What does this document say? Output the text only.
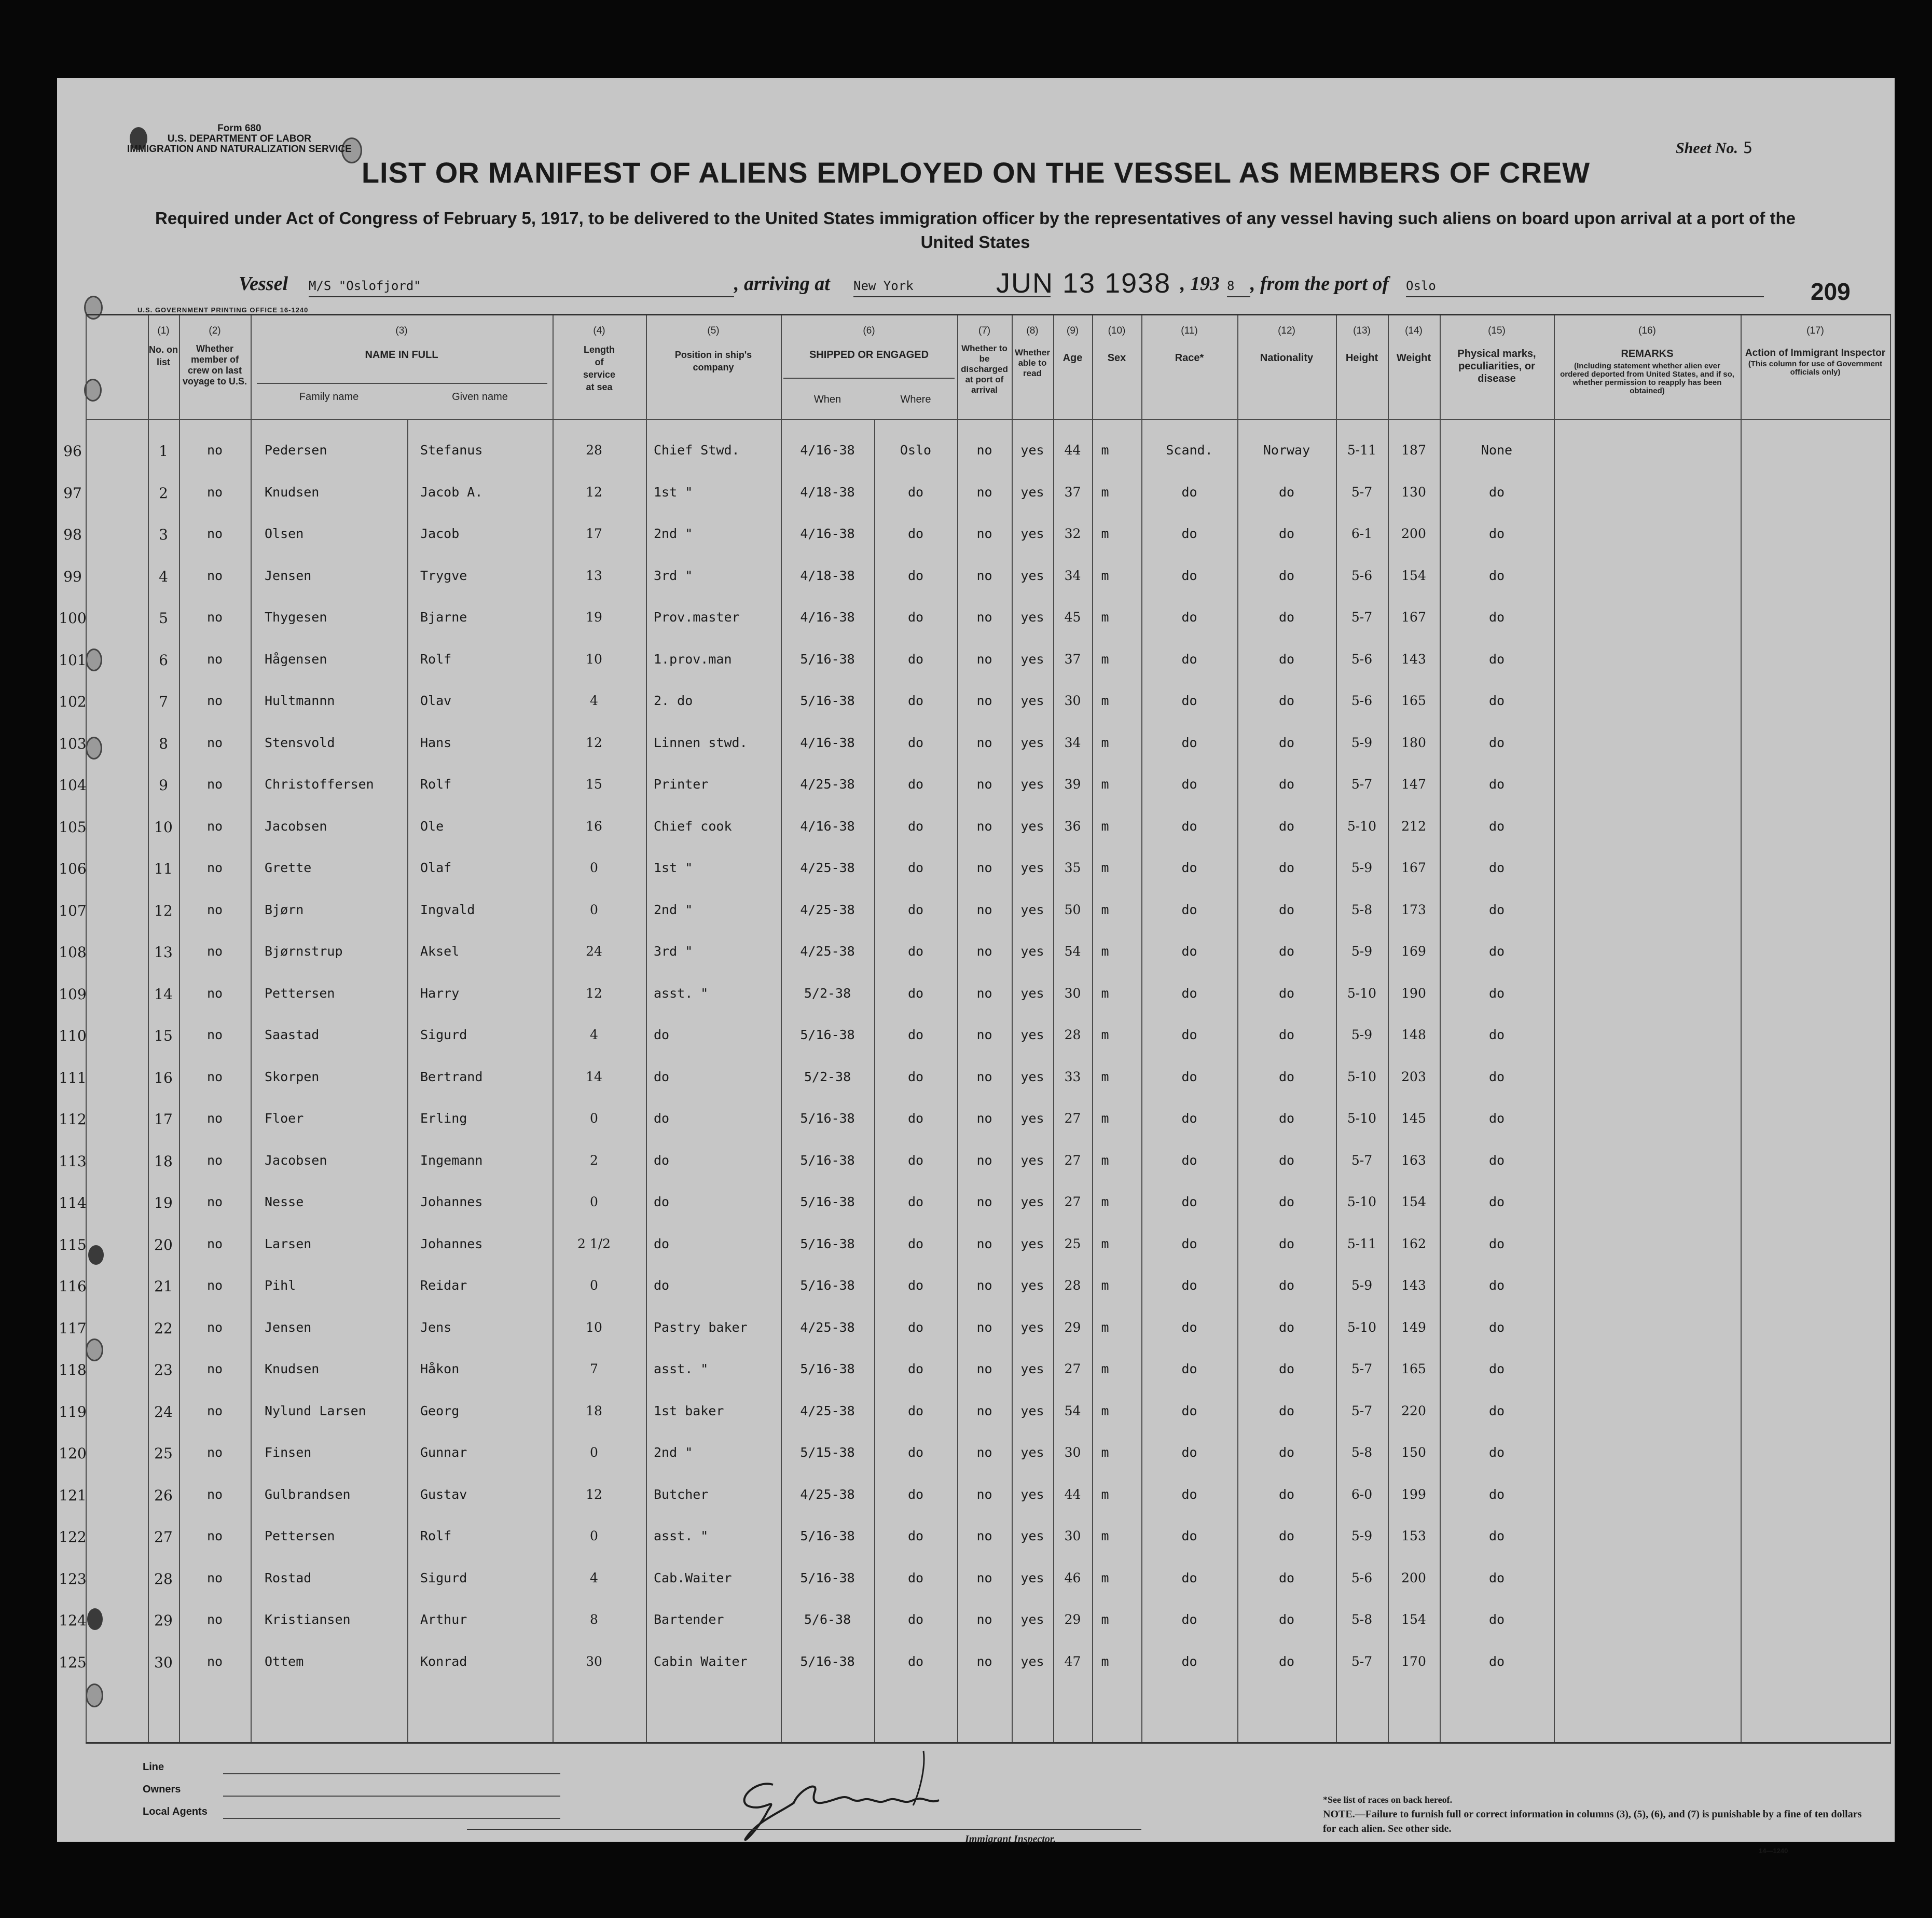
Form 680
U.S. DEPARTMENT OF LABOR
IMMIGRATION AND NATURALIZATION SERVICE	Sheet No. 5
LIST OR MANIFEST OF ALIENS EMPLOYED ON THE VESSEL AS MEMBERS OF CREW
Required under Act of Congress of February 5, 1917, to be delivered to the United States immigration officer by the representatives of any vessel having such aliens on board upon arrival at a port of the United States
Vessel M/S "Oslofjord"	, arriving at New York	JUN 13 1938 , 193 8 , from the port of Oslo	209
U.S. GOVERNMENT PRINTING OFFICE 16-1240
(1)
No. on list
(2)
Whether member of crew on last voyage to U.S.
(3)
NAME IN FULL
Family name	Given name
(4)
Length of service at sea
(5)
Position in ship's company
(6)
SHIPPED OR ENGAGED
When	Where
(7)
Whether to be discharged at port of arrival
(8)
Whether able to read
(9)
Age
(10)
Sex
(11)
Race*
(12)
Nationality
(13)
Height
(14)
Weight
(15)
Physical marks, peculiarities, or disease
(16)
REMARKS
(Including statement whether alien ever ordered deported from United States, and if so, whether permission to reapply has been obtained)
(17)
Action of Immigrant Inspector
(This column for use of Government officials only)
96	1	no	Pedersen	Stefanus	28	Chief Stwd.	4/16-38	Oslo	no	yes	44	m	Scand.	Norway	5-11	187	None
97	2	no	Knudsen	Jacob A.	12	1st "	4/18-38	do	no	yes	37	m	do	do	5-7	130	do
98	3	no	Olsen	Jacob	17	2nd "	4/16-38	do	no	yes	32	m	do	do	6-1	200	do
99	4	no	Jensen	Trygve	13	3rd "	4/18-38	do	no	yes	34	m	do	do	5-6	154	do
100	5	no	Thygesen	Bjarne	19	Prov.master	4/16-38	do	no	yes	45	m	do	do	5-7	167	do
101	6	no	Hågensen	Rolf	10	1.prov.man	5/16-38	do	no	yes	37	m	do	do	5-6	143	do
102	7	no	Hultmannn	Olav	4	2. do	5/16-38	do	no	yes	30	m	do	do	5-6	165	do
103	8	no	Stensvold	Hans	12	Linnen stwd.	4/16-38	do	no	yes	34	m	do	do	5-9	180	do
104	9	no	Christoffersen	Rolf	15	Printer	4/25-38	do	no	yes	39	m	do	do	5-7	147	do
105	10	no	Jacobsen	Ole	16	Chief cook	4/16-38	do	no	yes	36	m	do	do	5-10	212	do
106	11	no	Grette	Olaf	0	1st "	4/25-38	do	no	yes	35	m	do	do	5-9	167	do
107	12	no	Bjørn	Ingvald	0	2nd "	4/25-38	do	no	yes	50	m	do	do	5-8	173	do
108	13	no	Bjørnstrup	Aksel	24	3rd "	4/25-38	do	no	yes	54	m	do	do	5-9	169	do
109	14	no	Pettersen	Harry	12	asst. "	5/2-38	do	no	yes	30	m	do	do	5-10	190	do
110	15	no	Saastad	Sigurd	4	do	5/16-38	do	no	yes	28	m	do	do	5-9	148	do
111	16	no	Skorpen	Bertrand	14	do	5/2-38	do	no	yes	33	m	do	do	5-10	203	do
112	17	no	Floer	Erling	0	do	5/16-38	do	no	yes	27	m	do	do	5-10	145	do
113	18	no	Jacobsen	Ingemann	2	do	5/16-38	do	no	yes	27	m	do	do	5-7	163	do
114	19	no	Nesse	Johannes	0	do	5/16-38	do	no	yes	27	m	do	do	5-10	154	do
115	20	no	Larsen	Johannes	2 1/2	do	5/16-38	do	no	yes	25	m	do	do	5-11	162	do
116	21	no	Pihl	Reidar	0	do	5/16-38	do	no	yes	28	m	do	do	5-9	143	do
117	22	no	Jensen	Jens	10	Pastry baker	4/25-38	do	no	yes	29	m	do	do	5-10	149	do
118	23	no	Knudsen	Håkon	7	asst. "	5/16-38	do	no	yes	27	m	do	do	5-7	165	do
119	24	no	Nylund Larsen	Georg	18	1st baker	4/25-38	do	no	yes	54	m	do	do	5-7	220	do
120	25	no	Finsen	Gunnar	0	2nd "	5/15-38	do	no	yes	30	m	do	do	5-8	150	do
121	26	no	Gulbrandsen	Gustav	12	Butcher	4/25-38	do	no	yes	44	m	do	do	6-0	199	do
122	27	no	Pettersen	Rolf	0	asst. "	5/16-38	do	no	yes	30	m	do	do	5-9	153	do
123	28	no	Rostad	Sigurd	4	Cab.Waiter	5/16-38	do	no	yes	46	m	do	do	5-6	200	do
124	29	no	Kristiansen	Arthur	8	Bartender	5/6-38	do	no	yes	29	m	do	do	5-8	154	do
125	30	no	Ottem	Konrad	30	Cabin Waiter	5/16-38	do	no	yes	47	m	do	do	5-7	170	do
Line
Owners
Local Agents
Immigrant Inspector.
*See list of races on back hereof.
NOTE.—Failure to furnish full or correct information in columns (3), (5), (6), and (7) is punishable by a fine of ten dollars for each alien. See other side.
14—1240
